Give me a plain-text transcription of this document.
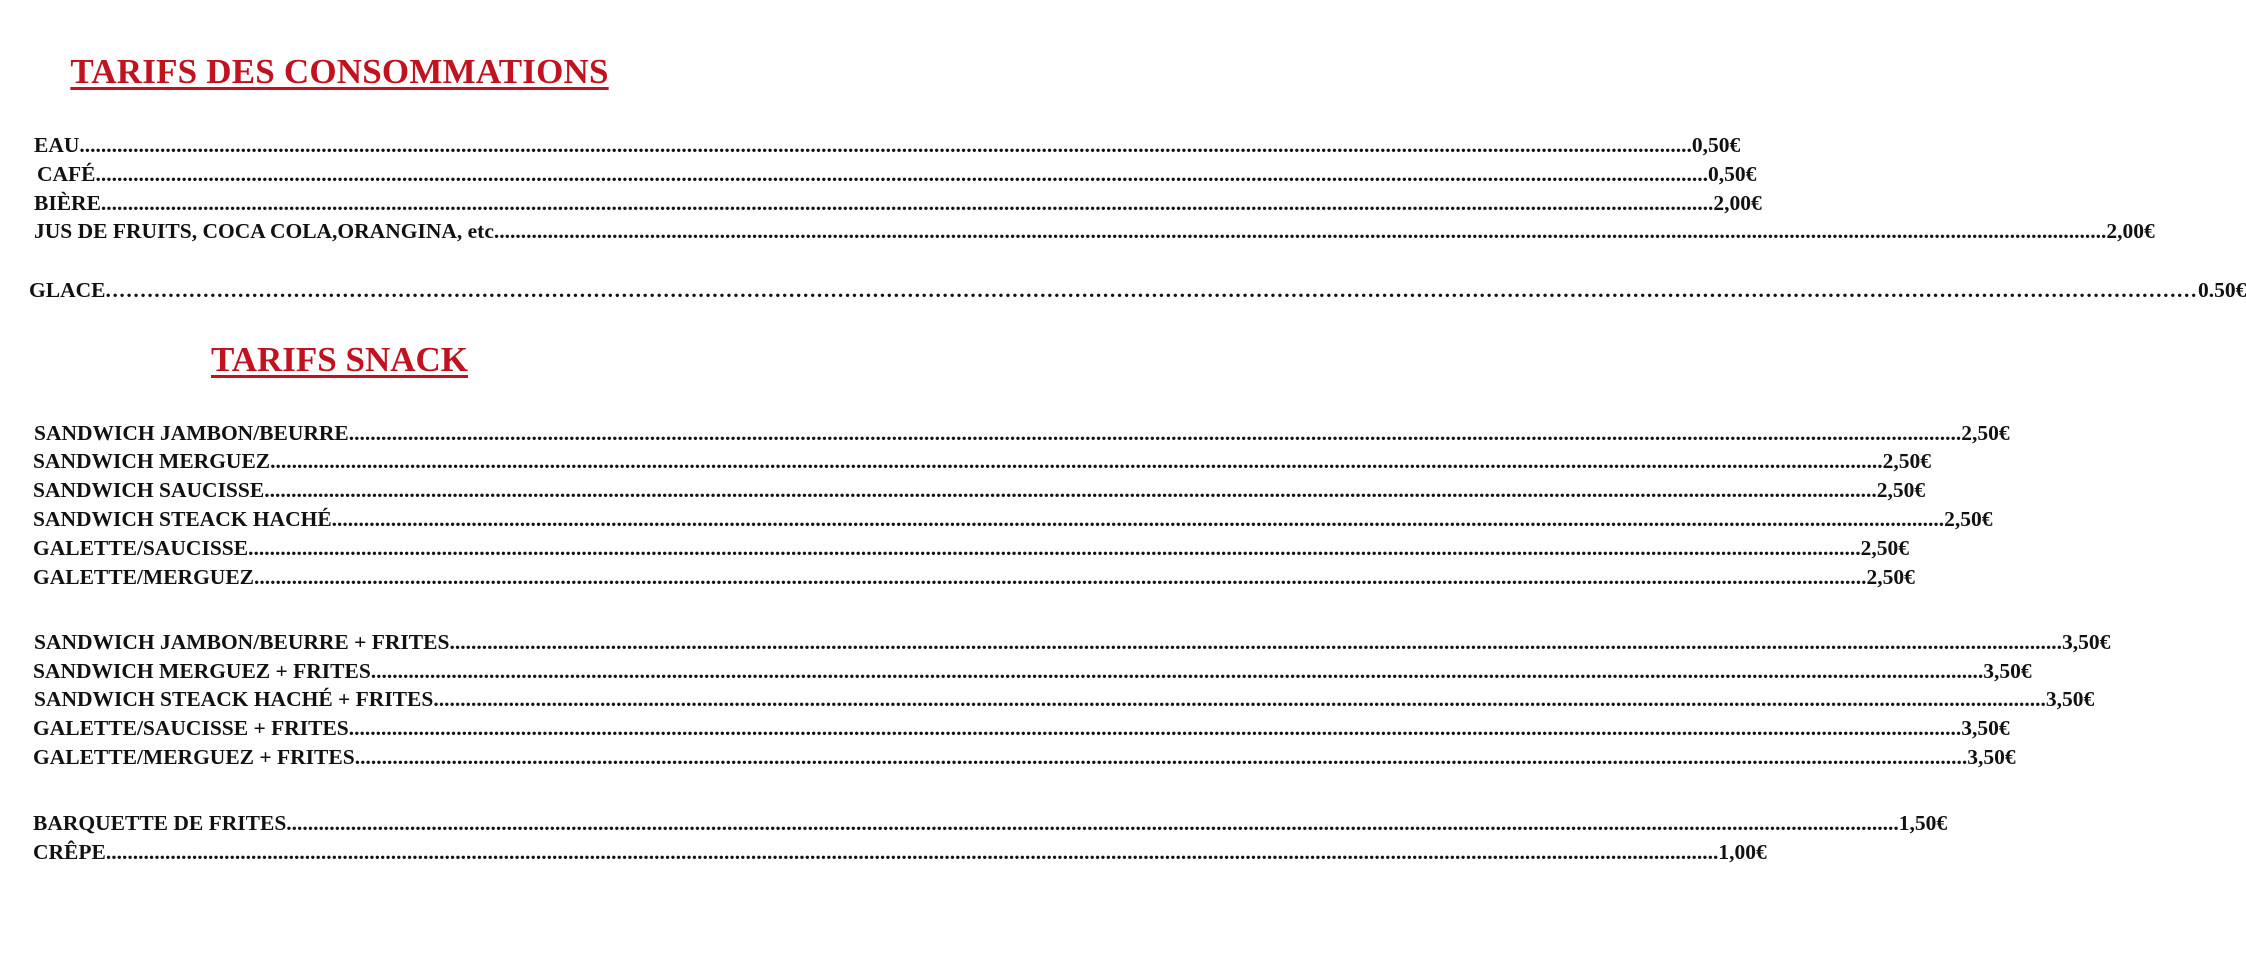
TARIFS DES CONSOMMATIONS
EAU ............................................................................................................................................................................................................................................................................................................ 0,50€
CAFÉ ............................................................................................................................................................................................................................................................................................................ 0,50€
BIÈRE ............................................................................................................................................................................................................................................................................................................ 2,00€
JUS DE FRUITS, COCA COLA,ORANGINA, etc ............................................................................................................................................................................................................................................................................................................ 2,00€
GLACE ............................................................................................................................................................................................................................................................................................................ 0.50€
TARIFS SNACK
SANDWICH JAMBON/BEURRE ............................................................................................................................................................................................................................................................................................................ 2,50€
SANDWICH MERGUEZ ............................................................................................................................................................................................................................................................................................................ 2,50€
SANDWICH SAUCISSE ............................................................................................................................................................................................................................................................................................................ 2,50€
SANDWICH STEACK HACHÉ ............................................................................................................................................................................................................................................................................................................ 2,50€
GALETTE/SAUCISSE ............................................................................................................................................................................................................................................................................................................ 2,50€
GALETTE/MERGUEZ ............................................................................................................................................................................................................................................................................................................ 2,50€
SANDWICH JAMBON/BEURRE + FRITES ............................................................................................................................................................................................................................................................................................................ 3,50€
SANDWICH MERGUEZ + FRITES ............................................................................................................................................................................................................................................................................................................ 3,50€
SANDWICH STEACK HACHÉ + FRITES ............................................................................................................................................................................................................................................................................................................ 3,50€
GALETTE/SAUCISSE + FRITES ............................................................................................................................................................................................................................................................................................................ 3,50€
GALETTE/MERGUEZ + FRITES ............................................................................................................................................................................................................................................................................................................ 3,50€
BARQUETTE DE FRITES ............................................................................................................................................................................................................................................................................................................ 1,50€
CRÊPE ............................................................................................................................................................................................................................................................................................................ 1,00€
